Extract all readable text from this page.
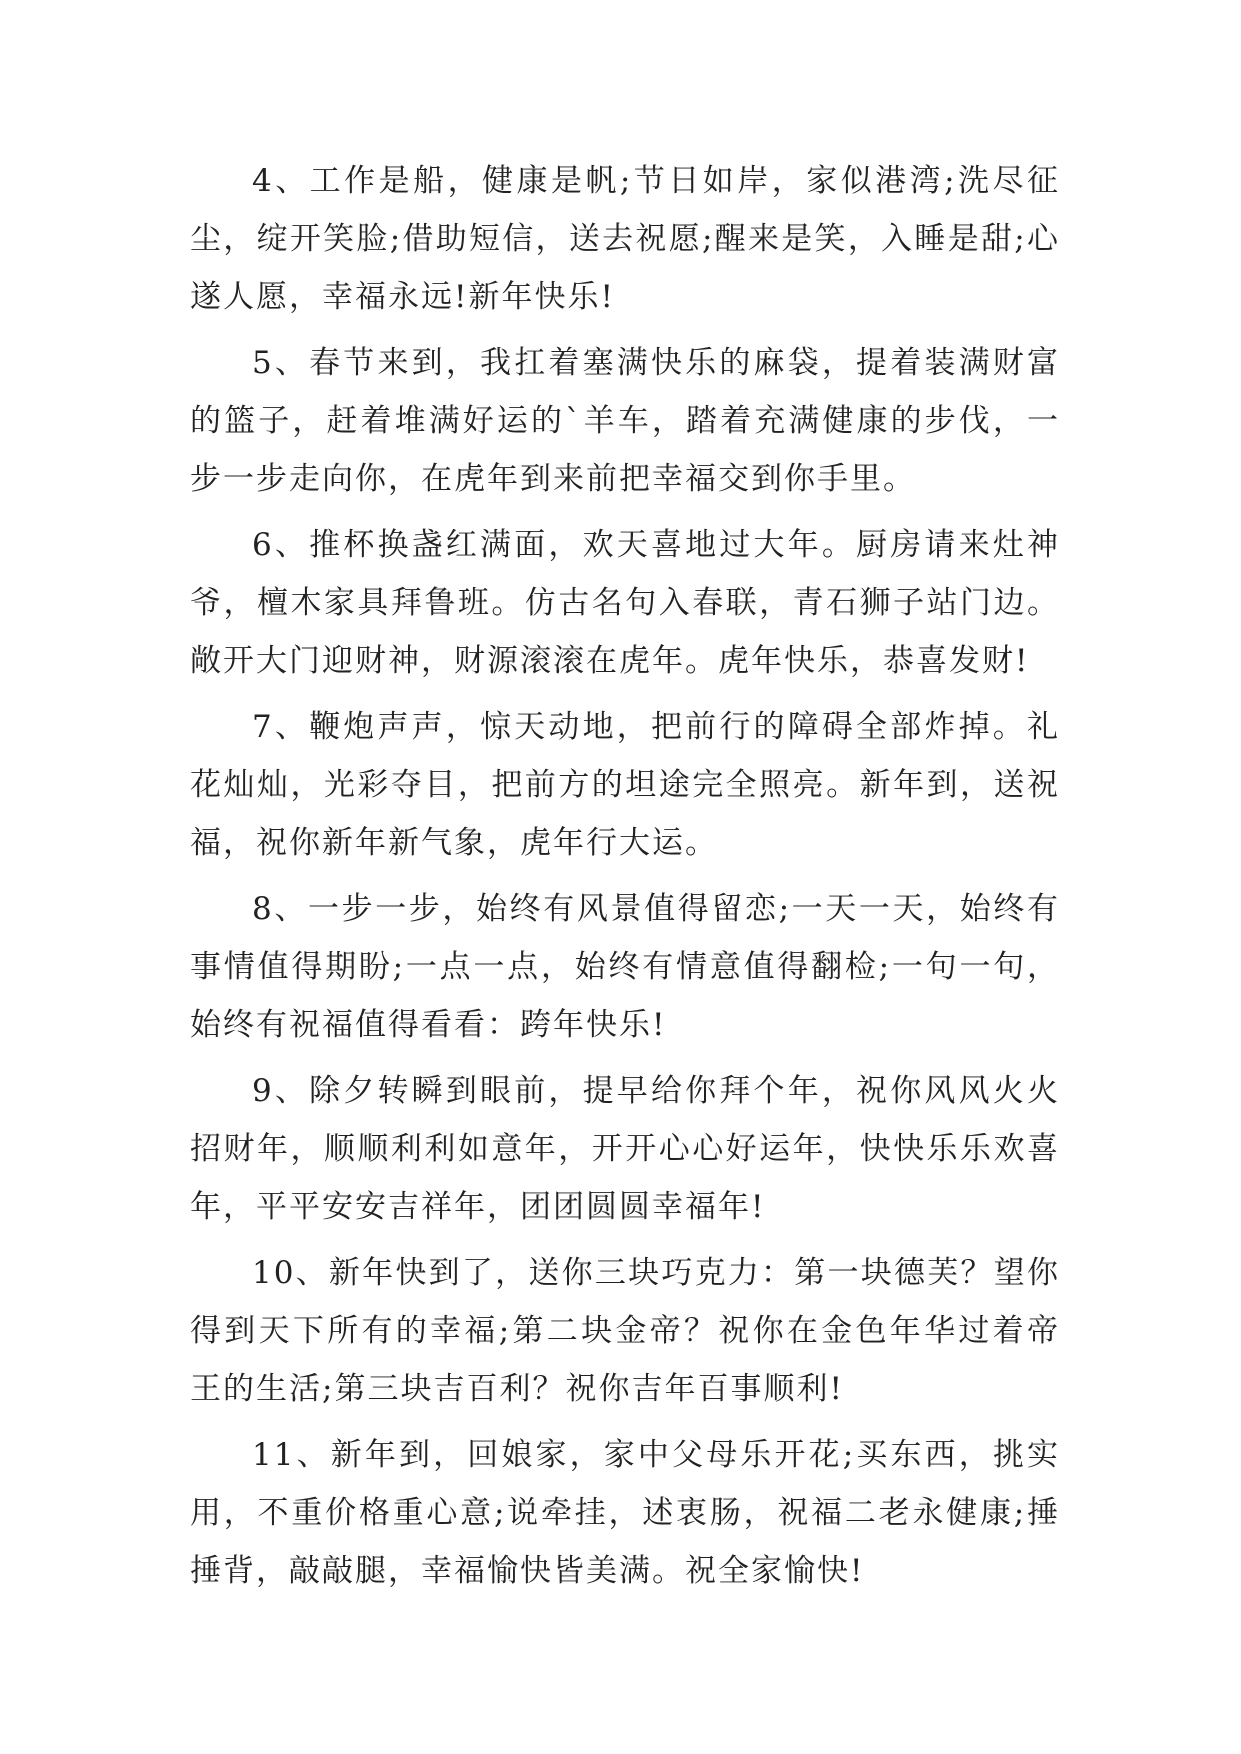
4、工作是船，健康是帆;节日如岸，家似港湾;洗尽征尘，绽开笑脸;借助短信，送去祝愿;醒来是笑，入睡是甜;心遂人愿，幸福永远!新年快乐!

5、春节来到，我扛着塞满快乐的麻袋，提着装满财富的篮子，赶着堆满好运的`羊车，踏着充满健康的步伐，一步一步走向你，在虎年到来前把幸福交到你手里。

6、推杯换盏红满面，欢天喜地过大年。厨房请来灶神爷，檀木家具拜鲁班。仿古名句入春联，青石狮子站门边。敞开大门迎财神，财源滚滚在虎年。虎年快乐，恭喜发财!

7、鞭炮声声，惊天动地，把前行的障碍全部炸掉。礼花灿灿，光彩夺目，把前方的坦途完全照亮。新年到，送祝福，祝你新年新气象，虎年行大运。

8、一步一步，始终有风景值得留恋;一天一天，始终有事情值得期盼;一点一点，始终有情意值得翻检;一句一句，始终有祝福值得看看：跨年快乐!

9、除夕转瞬到眼前，提早给你拜个年，祝你风风火火招财年，顺顺利利如意年，开开心心好运年，快快乐乐欢喜年，平平安安吉祥年，团团圆圆幸福年!

10、新年快到了，送你三块巧克力：第一块德芙？望你得到天下所有的幸福;第二块金帝？祝你在金色年华过着帝王的生活;第三块吉百利？祝你吉年百事顺利!

11、新年到，回娘家，家中父母乐开花;买东西，挑实用，不重价格重心意;说牵挂，述衷肠，祝福二老永健康;捶捶背，敲敲腿，幸福愉快皆美满。祝全家愉快!
